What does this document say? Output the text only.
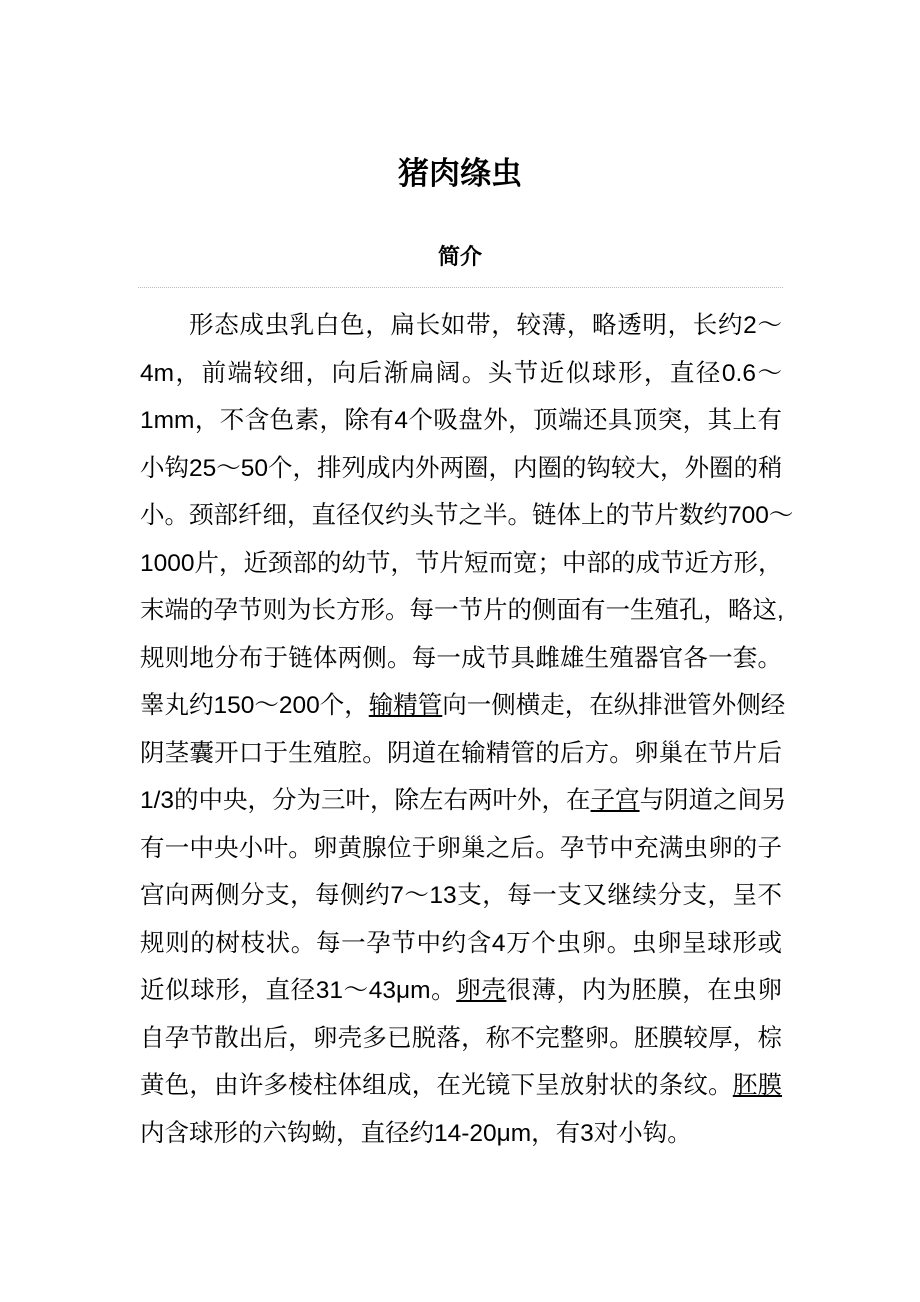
猪肉绦虫
简介
形态成虫乳白色，扁长如带，较薄，略透明，长约2～
4m，前端较细，向后渐扁阔。头节近似球形，直径0.6～
1mm，不含色素，除有4个吸盘外，顶端还具顶突，其上有
小钩25～50个，排列成内外两圈，内圈的钩较大，外圈的稍
小。颈部纤细，直径仅约头节之半。链体上的节片数约700～
1000片，近颈部的幼节，节片短而宽；中部的成节近方形，
末端的孕节则为长方形。每一节片的侧面有一生殖孔，略这,
规则地分布于链体两侧。每一成节具雌雄生殖器官各一套。
睾丸约150～200个，输精管向一侧横走，在纵排泄管外侧经
阴茎囊开口于生殖腔。阴道在输精管的后方。卵巢在节片后
1/3的中央，分为三叶，除左右两叶外，在子宫与阴道之间另
有一中央小叶。卵黄腺位于卵巢之后。孕节中充满虫卵的子
宫向两侧分支，每侧约7～13支，每一支又继续分支，呈不
规则的树枝状。每一孕节中约含4万个虫卵。虫卵呈球形或
近似球形，直径31～43μm。卵壳很薄，内为胚膜，在虫卵
自孕节散出后，卵壳多已脱落，称不完整卵。胚膜较厚，棕
黄色，由许多棱柱体组成，在光镜下呈放射状的条纹。胚膜
内含球形的六钩蚴，直径约14-20μm，有3对小钩。
